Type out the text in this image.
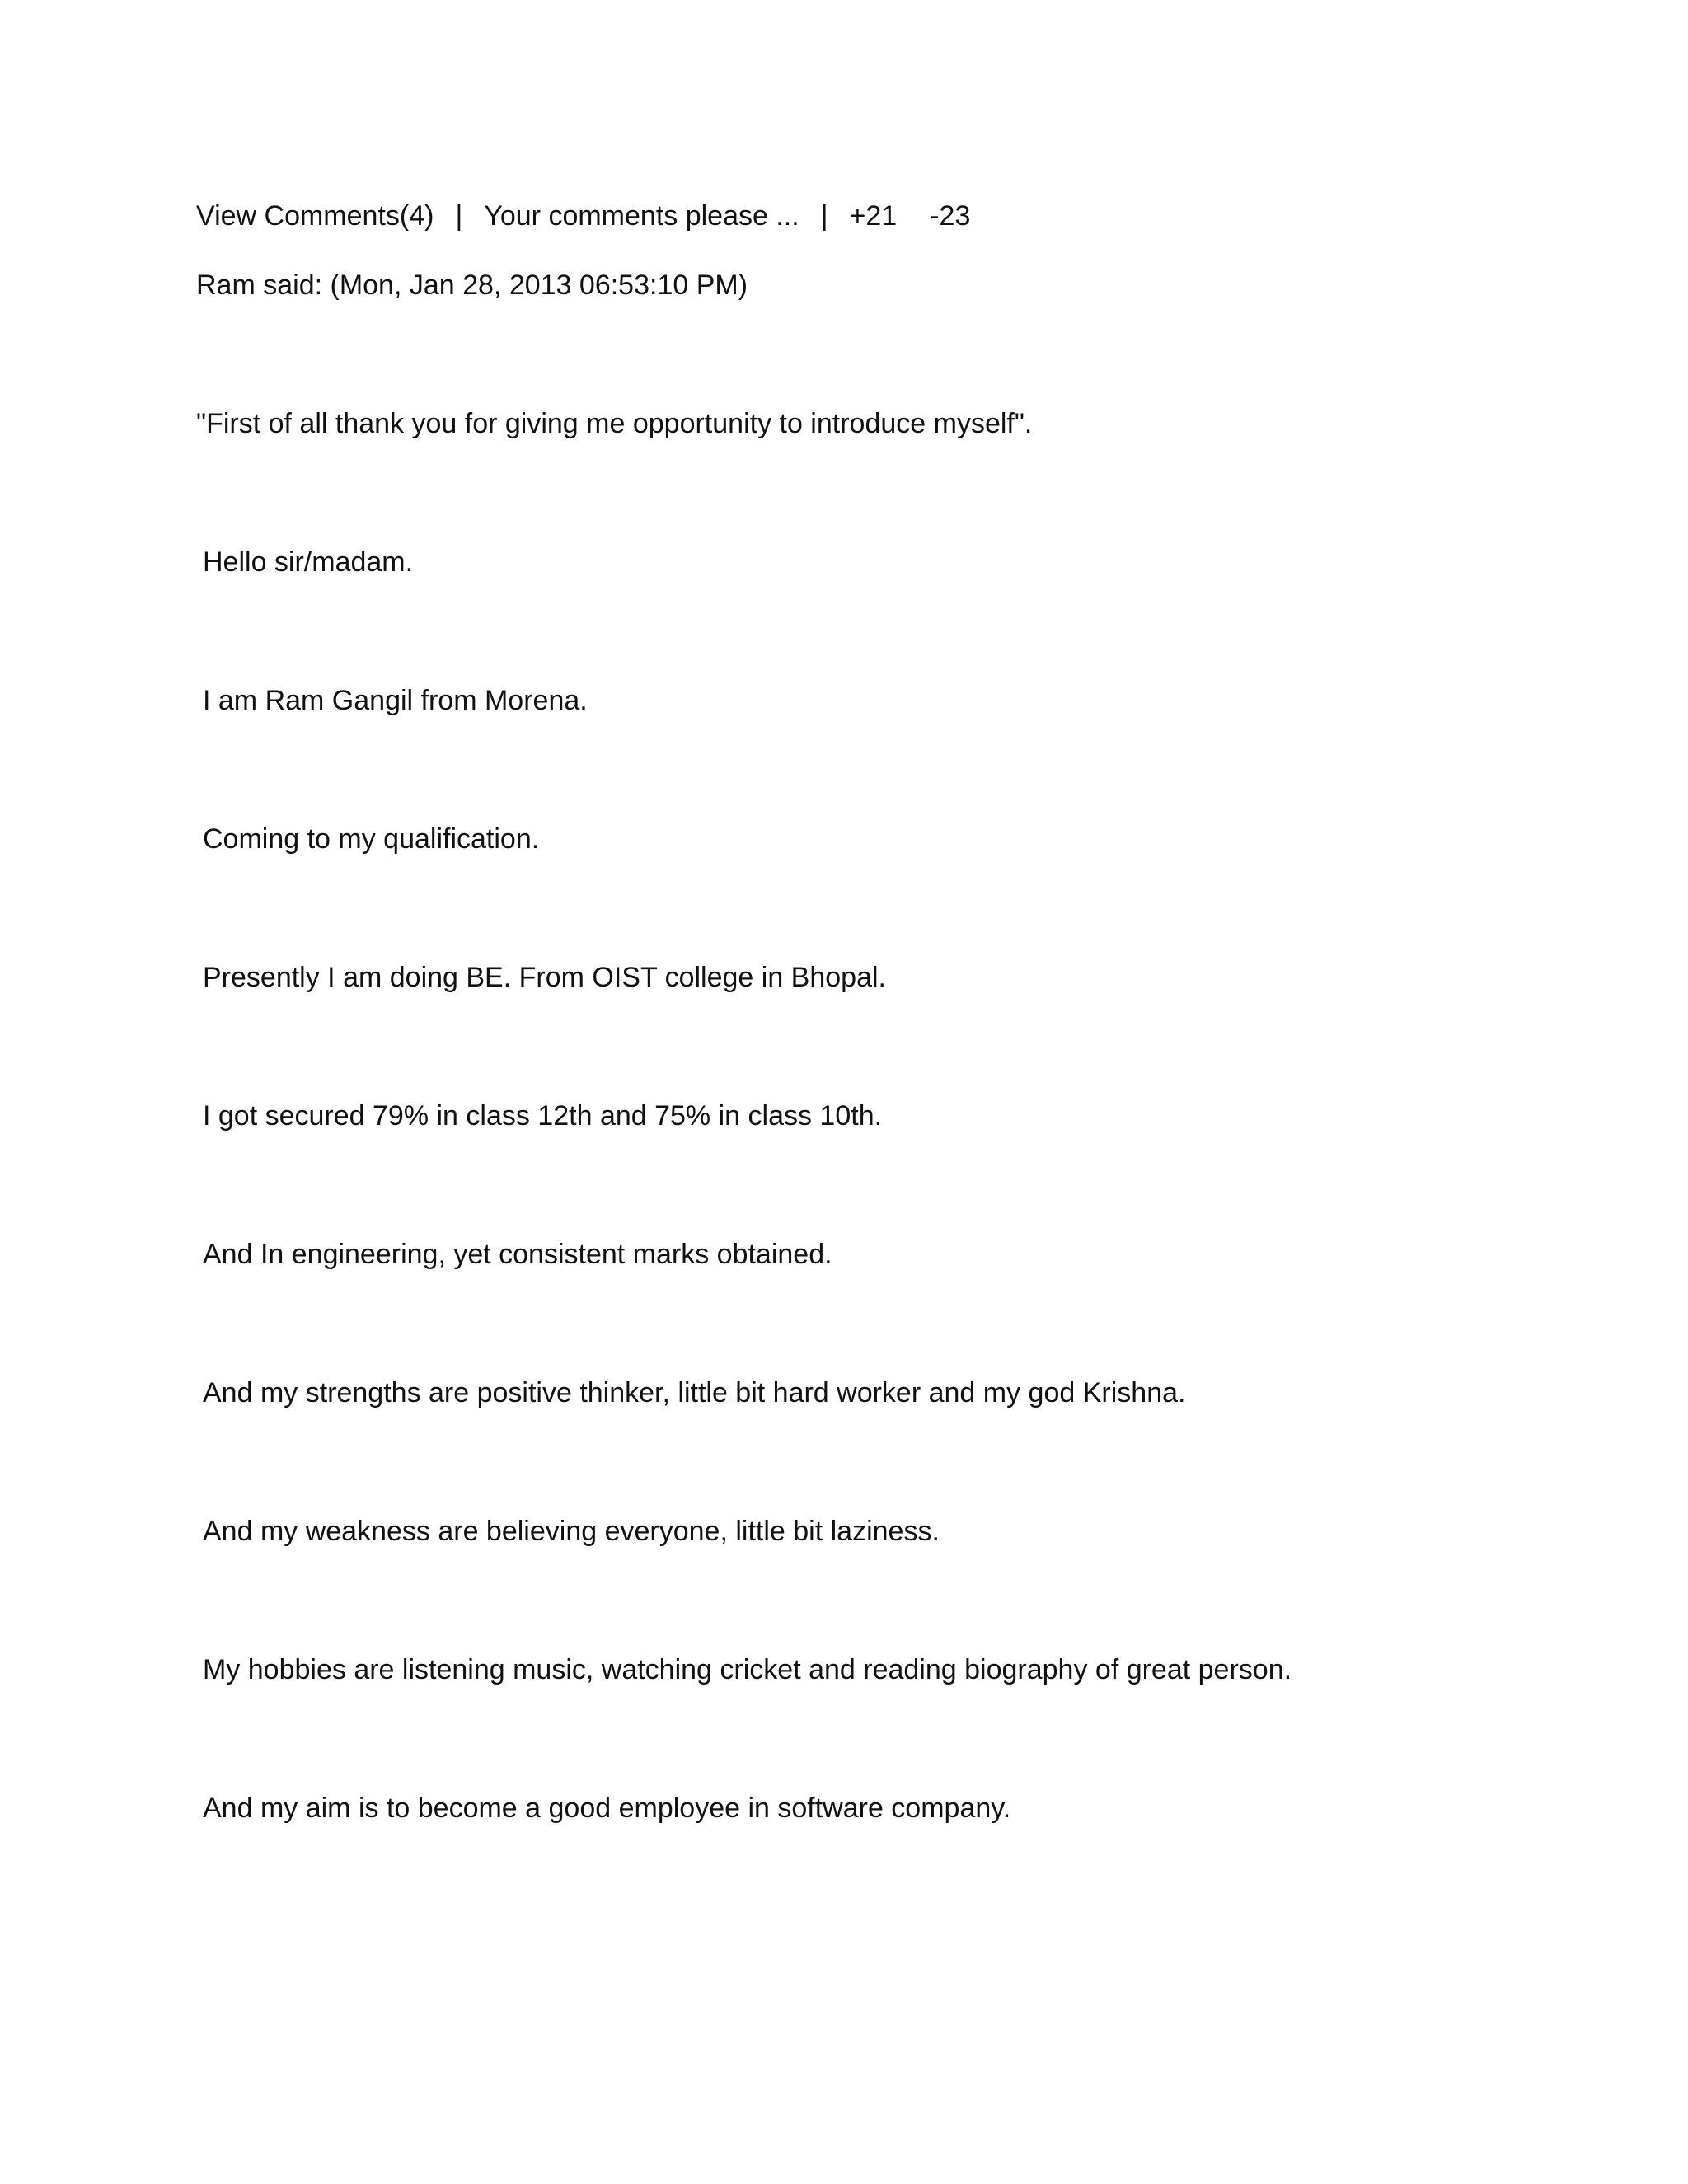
View Comments(4) | Your comments please ... | +21 -23
Ram said: (Mon, Jan 28, 2013 06:53:10 PM)
"First of all thank you for giving me opportunity to introduce myself".
Hello sir/madam.
I am Ram Gangil from Morena.
Coming to my qualification.
Presently I am doing BE. From OIST college in Bhopal.
I got secured 79% in class 12th and 75% in class 10th.
And In engineering, yet consistent marks obtained.
And my strengths are positive thinker, little bit hard worker and my god Krishna.
And my weakness are believing everyone, little bit laziness.
My hobbies are listening music, watching cricket and reading biography of great person.
And my aim is to become a good employee in software company.
